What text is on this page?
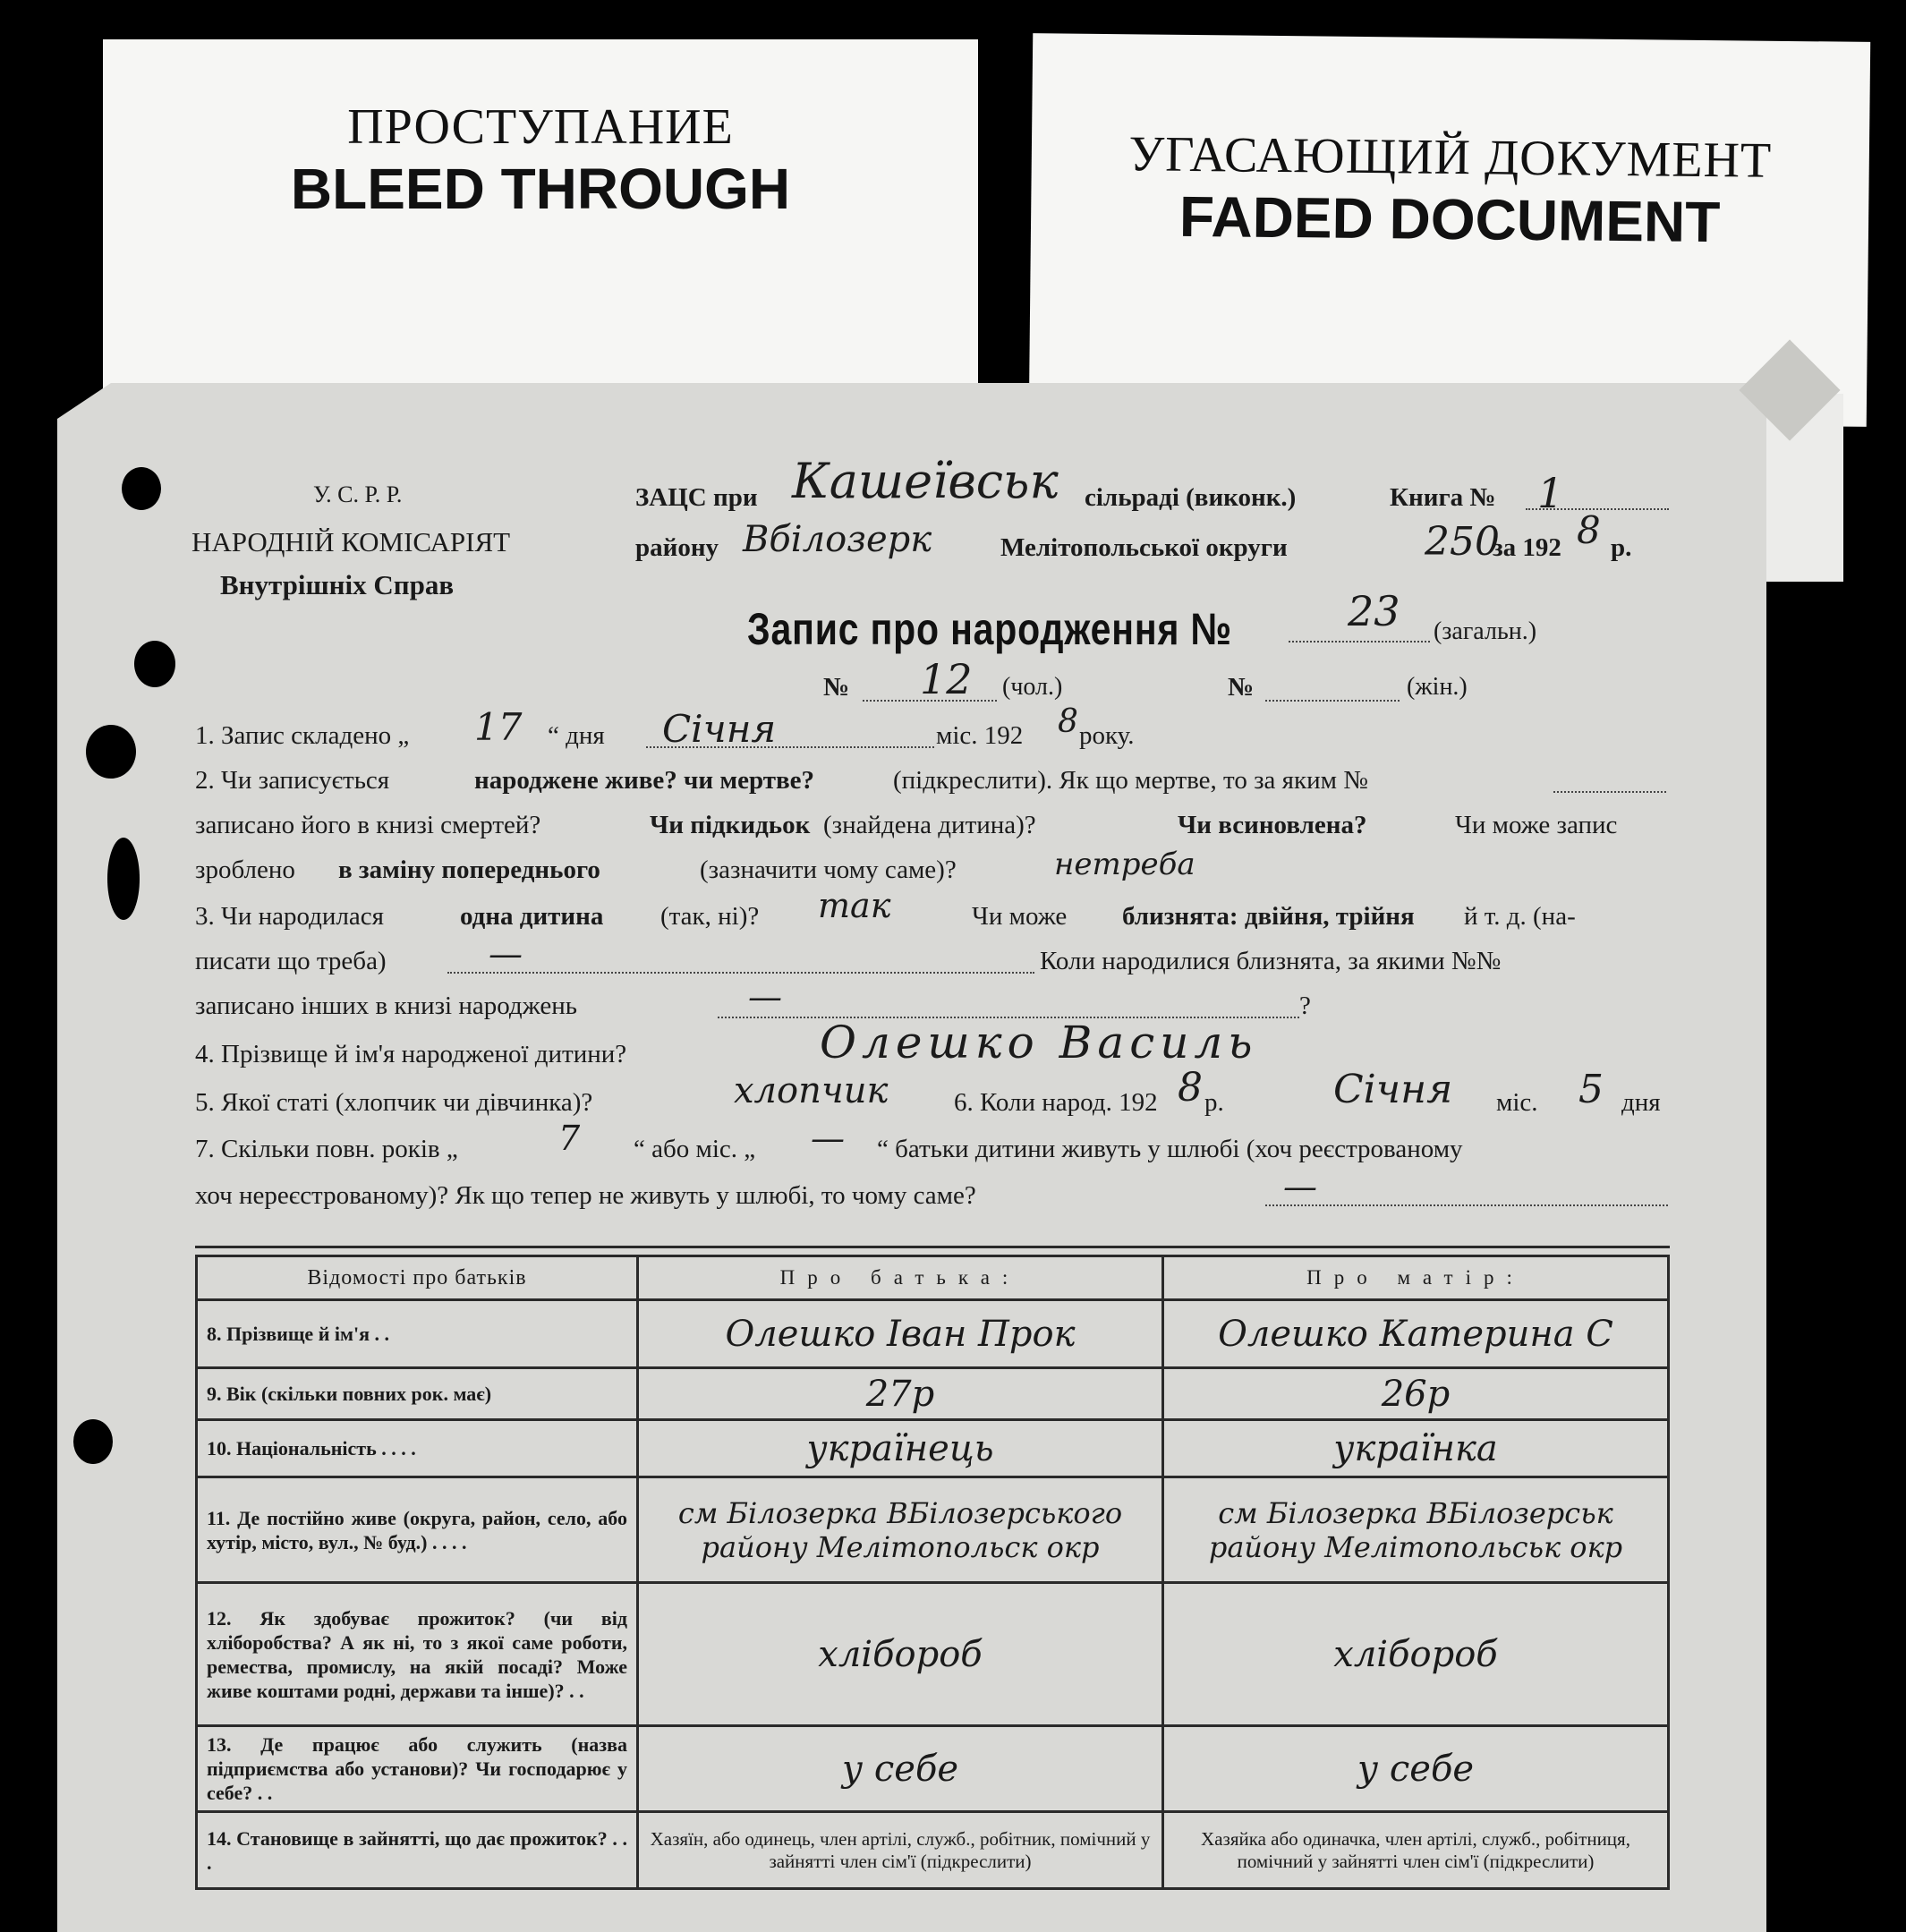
ПРОСТУПАНИЕ
BLEED THROUGH	УГАСАЮЩИЙ ДОКУМЕНТ
FADED DOCUMENT
У. С. Р. Р.
НАРОДНІЙ КОМІСАРІЯТ
Внутрішніх Справ
ЗАЦС при Кашеївськ сільраді (виконк.)	Книга № 1
району Вбілозерк	Мелітопольської округи	250
за 192 8 р.
Запис про народження №	23 (загальн.)
№ 12 (чол.)	№	(жін.)
1. Запис складено „ 17 “ дня Січня	міс. 192 8 року.
2. Чи записується	народжене живе? чи мертве?	(підкреслити). Як що мертве, то за яким №
записано його в книзі смертей?	Чи підкидьок (знайдена дитина)?	Чи всиновлена?	Чи може запис
зроблено в заміну попереднього	(зазначити чому саме)?	нетреба
3. Чи народилася	одна дитина (так, ні)? так	Чи може близнята: двійня, трійня й т. д. (на-
писати що треба)	—	Коли народилися близнята, за якими №№
записано інших в книзі народжень	—	?
4. Прізвище й ім'я народженої дитини?	Олешко Василь
5. Якої статі (хлопчик чи дівчинка)?	хлопчик	6. Коли народ. 192 8 р.	Січня міс. 5 дня
7. Скільки повн. років „	7 “ або міс. „ — “ батьки дитини живуть у шлюбі (хоч реєстрованому
хоч нереєстрованому)? Як що тепер не живуть у шлюбі, то чому саме?	—
Відомості про батьків	Про батька:	Про матір:
8. Прізвище й ім'я . .	Олешко Іван Прок	Олешко Катерина С
9. Вік (скільки повних рок. має)	27р	26р
10. Національність . . . .	українець	українка
11. Де постійно живе (округа, район, село, або хутір, місто, вул., № буд.) . . . .	см Білозерка ВБілозерського району Мелітопольск окр	см Білозерка ВБілозерськ району Мелітопольськ окр
12. Як здобуває прожиток? (чи від хліборобства? А як ні, то з якої саме роботи, ремества, промислу, на якій посаді? Може живе коштами родні, держави та інше)? . .	хлібороб	хлібороб
13. Де працює або служить (назва підприємства або установи)? Чи господарює у себе? . .	у себе	у себе
14. Становище в зайнятті, що дає прожиток? . . .	Хазяїн, або одинець, член артілі, служб., робітник, помічний у зайнятті член сім'ї (підкреслити)	Хазяйка або одиначка, член артілі, служб., робітниця, помічний у зайнятті член сім'ї (підкреслити)
